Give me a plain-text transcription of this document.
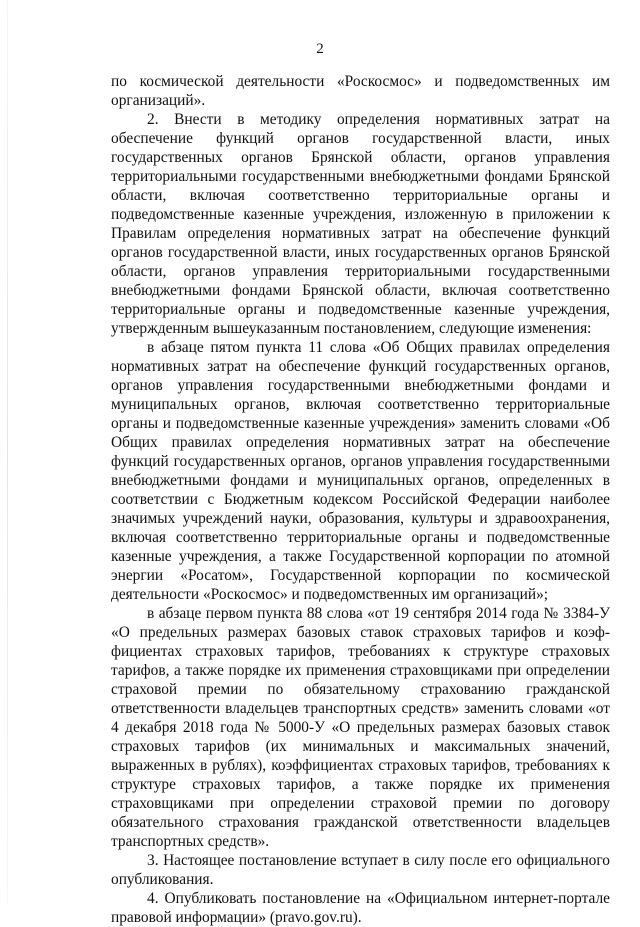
2

по космической деятельности «Роскосмос» и подведомственных им организаций».

2. Внести в методику определения нормативных затрат на обеспечение функций органов государственной власти, иных государственных органов Брянской области, органов управления территориальными государственными внебюджетными фондами Брянской области, включая соответственно территориальные органы и подведомственные казенные учреждения, изложенную в приложении к Правилам определения нормативных затрат на обеспечение функций органов государственной власти, иных государственных органов Брянской области, органов управления территориальными государственными внебюджетными фондами Брянской области, включая соответственно территориальные органы и подведомственные казенные учреждения, утвержденным вышеуказанным постановлением, следующие изменения:

в абзаце пятом пункта 11 слова «Об Общих правилах определения нормативных затрат на обеспечение функций государственных органов, органов управления государственными внебюджетными фондами и муниципальных органов, включая соответственно территориальные органы и подведомственные казенные учреждения» заменить словами «Об Общих правилах определения нормативных затрат на обеспечение функций государственных органов, органов управления государственными внебюджетными фондами и муниципальных органов, определенных в соответствии с Бюджетным кодексом Российской Федерации наиболее значимых учреждений науки, образования, культуры и здравоохранения, включая соответственно территориальные органы и подведомственные казенные учреждения, а также Государственной корпорации по атомной энергии «Росатом», Государственной корпорации по космической деятельности «Роскосмос» и подведомственных им организаций»;

в абзаце первом пункта 88 слова «от 19 сентября 2014 года № 3384-У «О предельных размерах базовых ставок страховых тарифов и коэффициентах страховых тарифов, требованиях к структуре страховых тарифов, а также порядке их применения страховщиками при определении страховой премии по обязательному страхованию гражданской ответственности владельцев транспортных средств» заменить словами «от 4 декабря 2018 года № 5000-У «О предельных размерах базовых ставок страховых тарифов (их минимальных и максимальных значений, выраженных в рублях), коэффициентах страховых тарифов, требованиях к структуре страховых тарифов, а также порядке их применения страховщиками при определении страховой премии по договору обязательного страхования гражданской ответственности владельцев транспортных средств».

3. Настоящее постановление вступает в силу после его официального опубликования.

4. Опубликовать постановление на «Официальном интернет-портале правовой информации» (pravo.gov.ru).
